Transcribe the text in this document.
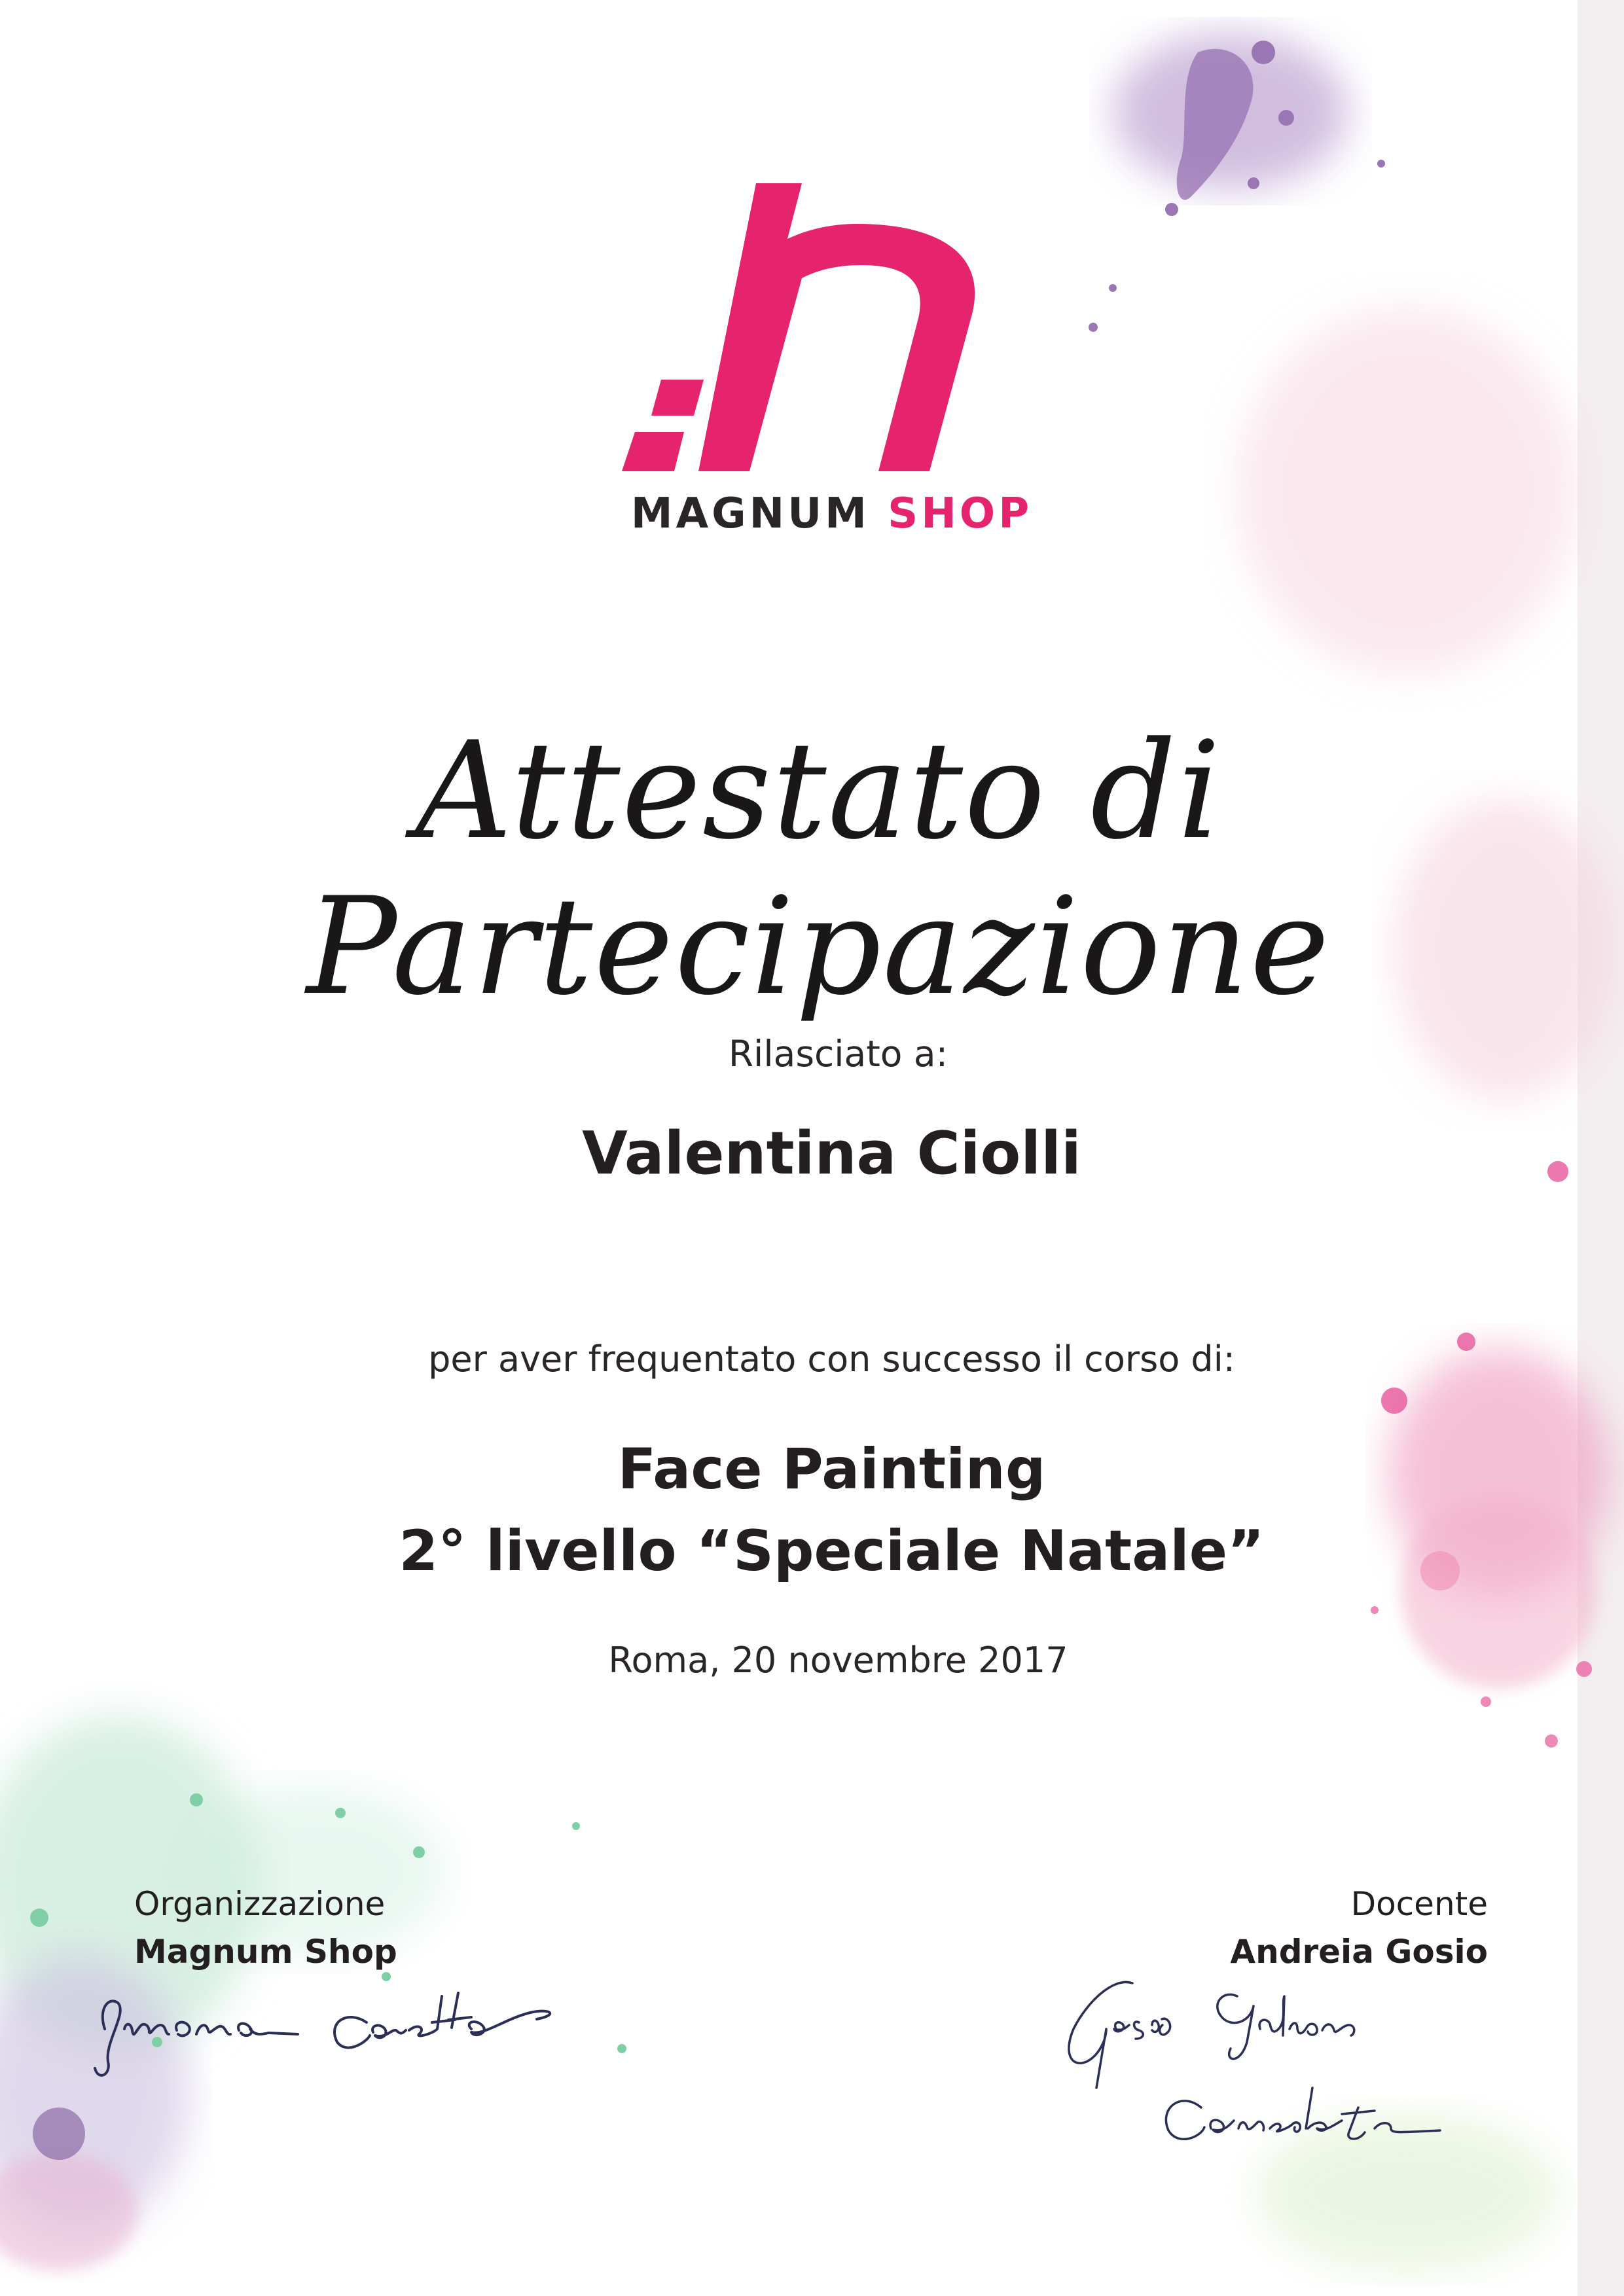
MAGNUM SHOP
Attestato di Partecipazione
Rilasciato a:
Valentina Ciolli
per aver frequentato con successo il corso di:
Face Painting
2° livello “Speciale Natale”
Roma, 20 novembre 2017
Organizzazione
Magnum Shop
Docente
Andreia Gosio
